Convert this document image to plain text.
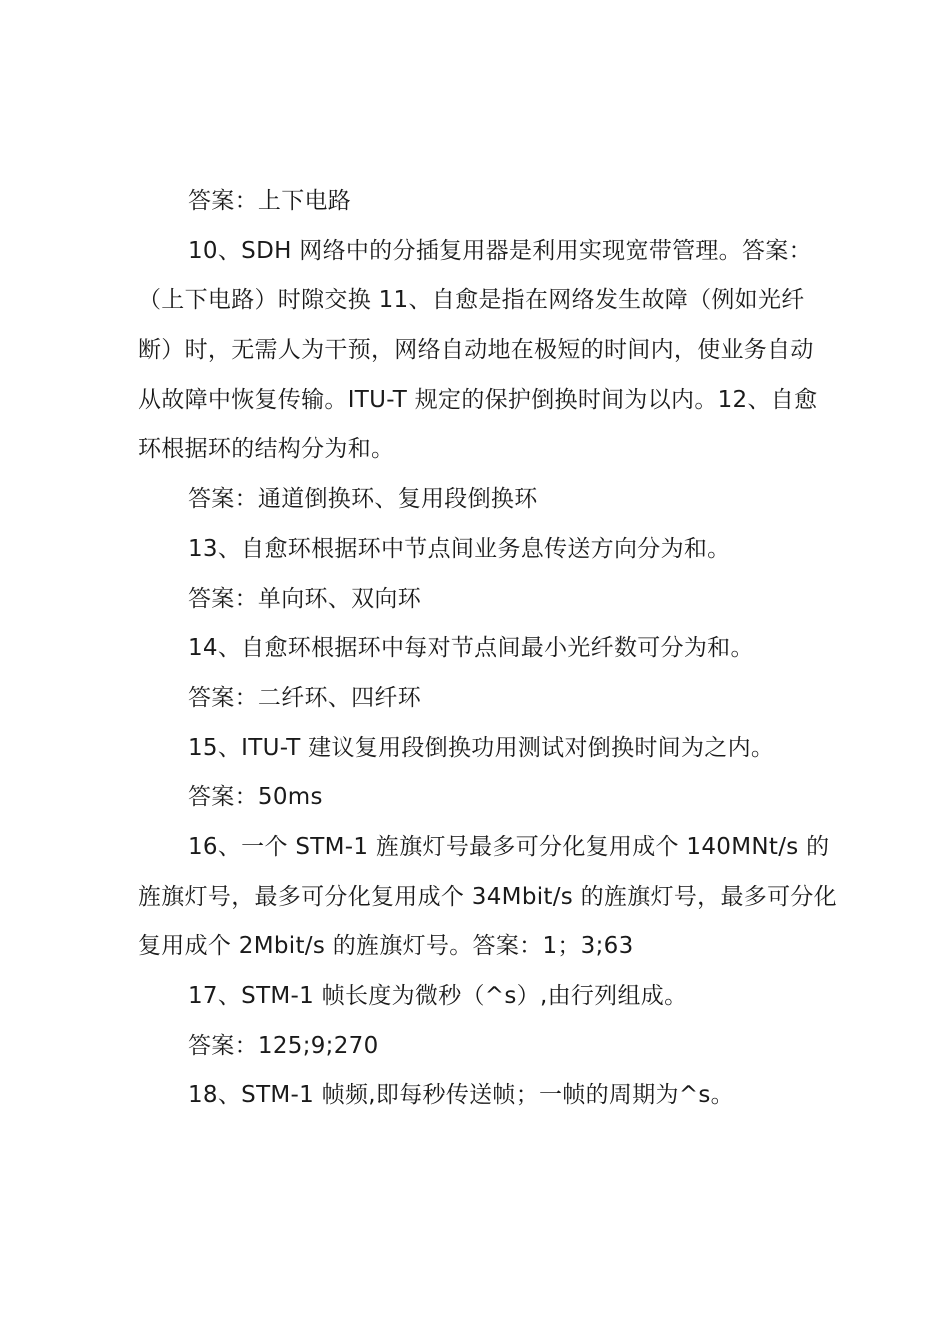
答案：上下电路
10、SDH 网络中的分插复用器是利用实现宽带管理。答案：
（上下电路）时隙交换 11、自愈是指在网络发生故障（例如光纤
断）时，无需人为干预，网络自动地在极短的时间内，使业务自动
从故障中恢复传输。ITU-T 规定的保护倒换时间为以内。12、自愈
环根据环的结构分为和。
答案：通道倒换环、复用段倒换环
13、自愈环根据环中节点间业务息传送方向分为和。
答案：单向环、双向环
14、自愈环根据环中每对节点间最小光纤数可分为和。
答案：二纤环、四纤环
15、ITU-T 建议复用段倒换功用测试对倒换时间为之内。
答案：50ms
16、一个 STM-1 旌旗灯号最多可分化复用成个 140MNt/s 的
旌旗灯号，最多可分化复用成个 34Mbit/s 的旌旗灯号，最多可分化
复用成个 2Mbit/s 的旌旗灯号。答案：1；3;63
17、STM-1 帧长度为微秒（^s）,由行列组成。
答案：125;9;270
18、STM-1 帧频,即每秒传送帧；一帧的周期为^s。
